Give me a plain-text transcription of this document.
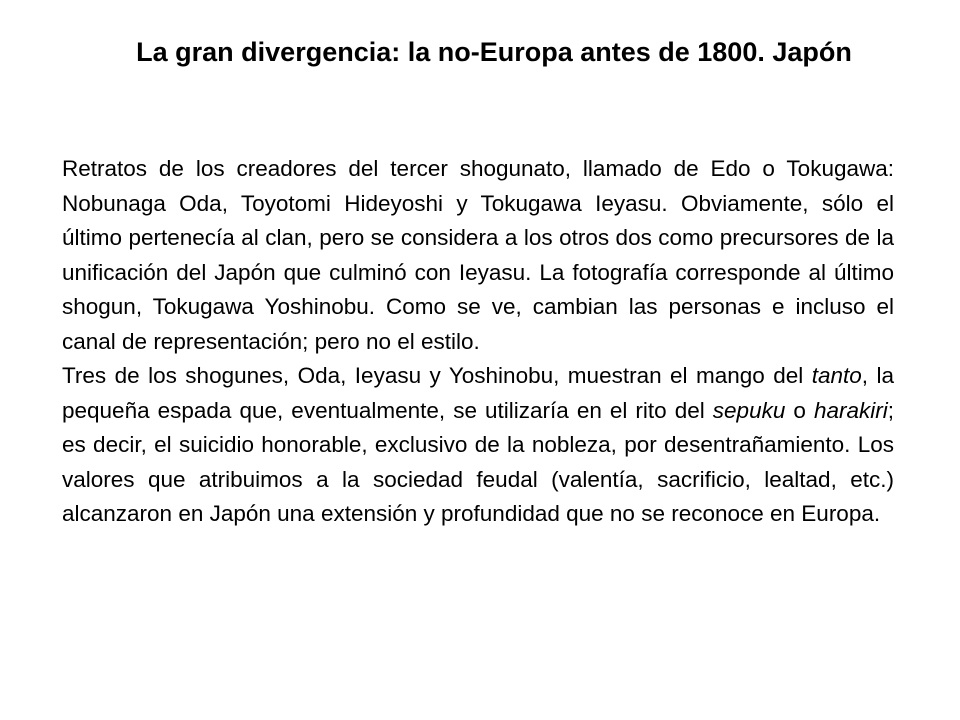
La gran divergencia: la no-Europa antes de 1800. Japón

Retratos de los creadores del tercer shogunato, llamado de Edo o Tokugawa: Nobunaga Oda, Toyotomi Hideyoshi y Tokugawa Ieyasu. Obviamente, sólo el último pertenecía al clan, pero se considera a los otros dos como precursores de la unificación del Japón que culminó con Ieyasu. La fotografía corresponde al último shogun, Tokugawa Yoshinobu. Como se ve, cambian las personas e incluso el canal de representación; pero no el estilo.

Tres de los shogunes, Oda, Ieyasu y Yoshinobu, muestran el mango del tanto, la pequeña espada que, eventualmente, se utilizaría en el rito del sepuku o harakiri; es decir, el suicidio honorable, exclusivo de la nobleza, por desentrañamiento. Los valores que atribuimos a la sociedad feudal (valentía, sacrificio, lealtad, etc.) alcanzaron en Japón una extensión y profundidad que no se reconoce en Europa.
